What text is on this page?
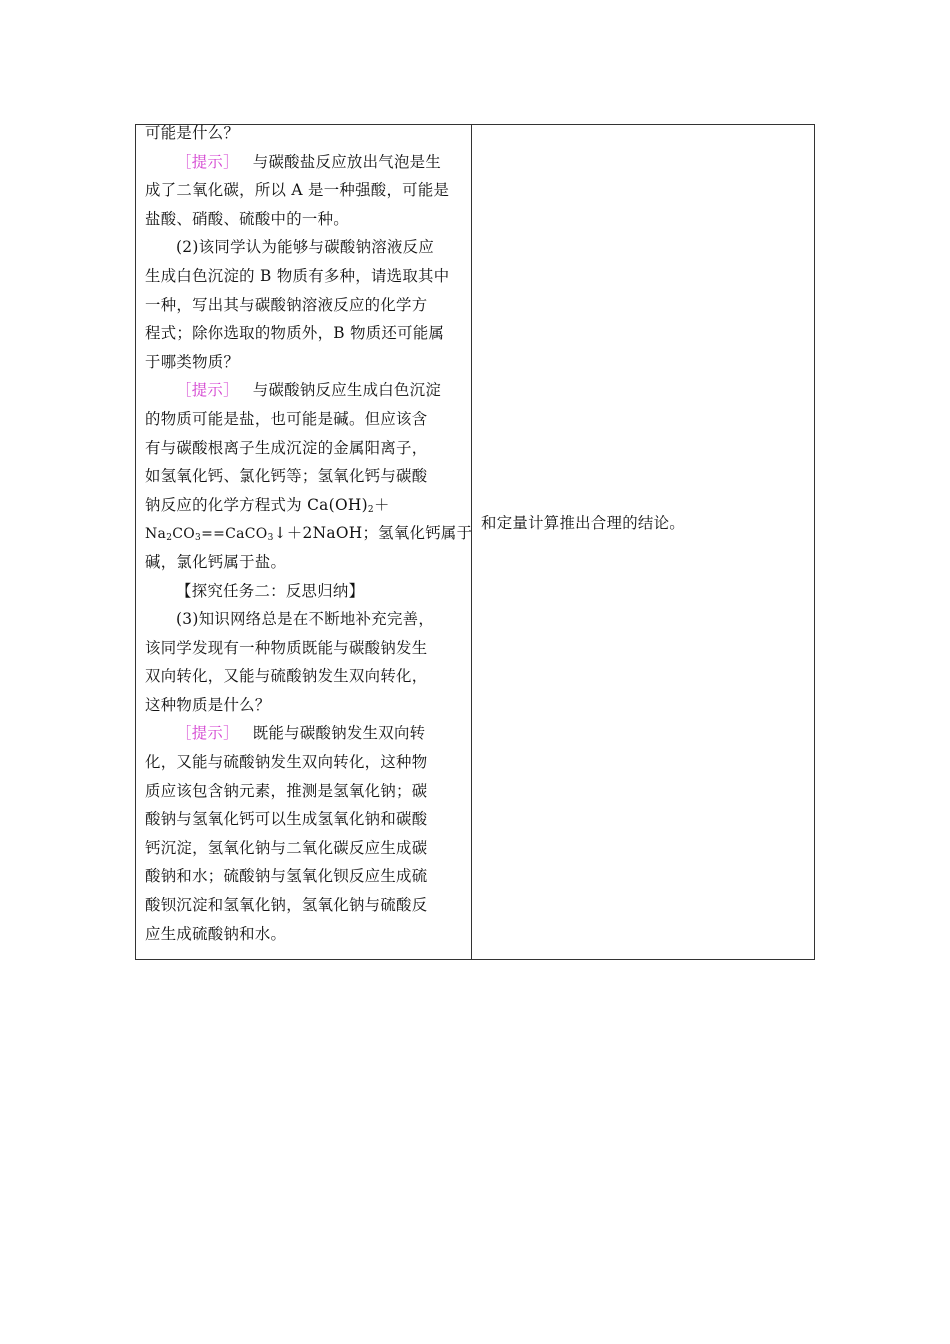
可能是什么？
［提示］ 与碳酸盐反应放出气泡是生
成了二氧化碳，所以 A 是一种强酸，可能是
盐酸、硝酸、硫酸中的一种。
(2)该同学认为能够与碳酸钠溶液反应
生成白色沉淀的 B 物质有多种，请选取其中
一种，写出其与碳酸钠溶液反应的化学方
程式；除你选取的物质外，B 物质还可能属
于哪类物质？
［提示］ 与碳酸钠反应生成白色沉淀
的物质可能是盐，也可能是碱。但应该含
有与碳酸根离子生成沉淀的金属阳离子，
如氢氧化钙、氯化钙等；氢氧化钙与碳酸
钠反应的化学方程式为 $Ca(OH)_2+$
$Na_2CO_3==CaCO_3↓+2NaOH$；氢氧化钙属于
碱，氯化钙属于盐。
【探究任务二：反思归纳】
(3)知识网络总是在不断地补充完善，
该同学发现有一种物质既能与碳酸钠发生
双向转化，又能与硫酸钠发生双向转化，
这种物质是什么？
［提示］ 既能与碳酸钠发生双向转
化，又能与硫酸钠发生双向转化，这种物
质应该包含钠元素，推测是氢氧化钠；碳
酸钠与氢氧化钙可以生成氢氧化钠和碳酸
钙沉淀，氢氧化钠与二氧化碳反应生成碳
酸钠和水；硫酸钠与氢氧化钡反应生成硫
酸钡沉淀和氢氧化钠，氢氧化钠与硫酸反
应生成硫酸钠和水。
和定量计算推出合理的结论。
